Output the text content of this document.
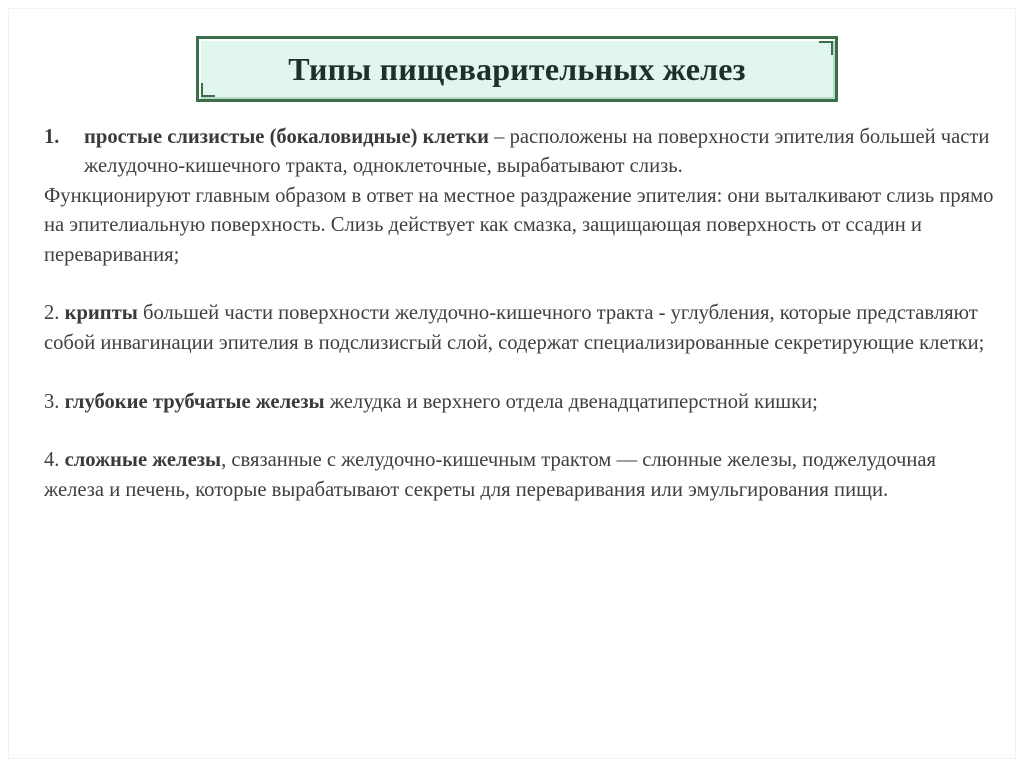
Типы пищеварительных желез
1.	простые слизистые (бокаловидные) клетки – расположены на поверхности эпителия большей части желудочно-кишечного тракта, одноклеточные, вырабатывают слизь.

Функционируют главным образом в ответ на местное раздражение эпителия: они выталкивают слизь прямо на эпителиальную поверхность. Слизь действует как смазка, защищающая поверхность от ссадин и переваривания;

2. крипты большей части поверхности желудочно-кишечного тракта - углубления, которые представляют собой инвагинации эпителия в подслизисгый слой, содержат специализированные секретирующие клетки;

3. глубокие трубчатые железы желудка и верхнего отдела двенадцатиперстной кишки;

4. сложные железы, связанные с желудочно-кишечным трактом — слюнные железы, поджелудочная железа и печень, которые вырабатывают секреты для переваривания или эмульгирования пищи.
